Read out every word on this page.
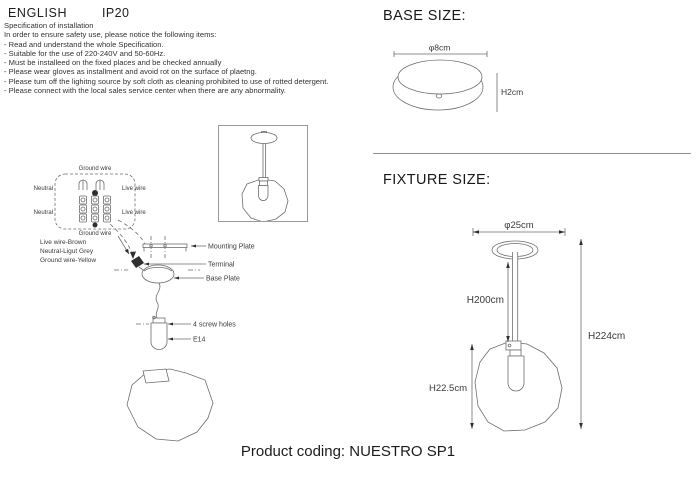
ENGLISH	IP20
Specification of installation
In order to ensure safety use, please notice the following items:
- Read and understand the whole Specification.
- Suitable for the use of 220-240V and 50-60Hz.
- Must be installeed on the fixed places and be checked annually
- Please wear gloves as installment and avoid rot on the surface of plaetng.
- Please tum off the lighitng source by soft cloth as cleaning prohibited to use of rotted detergent.
- Please connect with the local sales service center when there are any abnormality.
Ground wire
Neutral	Live wire
Neutral	Live wire
Ground wire
Live wire-Brown
Neutral-Ligut Grey
Ground wire-Yellow
Mounting Plate
Terminal
Base Plate
4 screw holes
E14
BASE SIZE:
φ8cm
H2cm
FIXTURE SIZE:
φ25cm
H200cm
H22.5cm
H224cm
Product coding: NUESTRO SP1
